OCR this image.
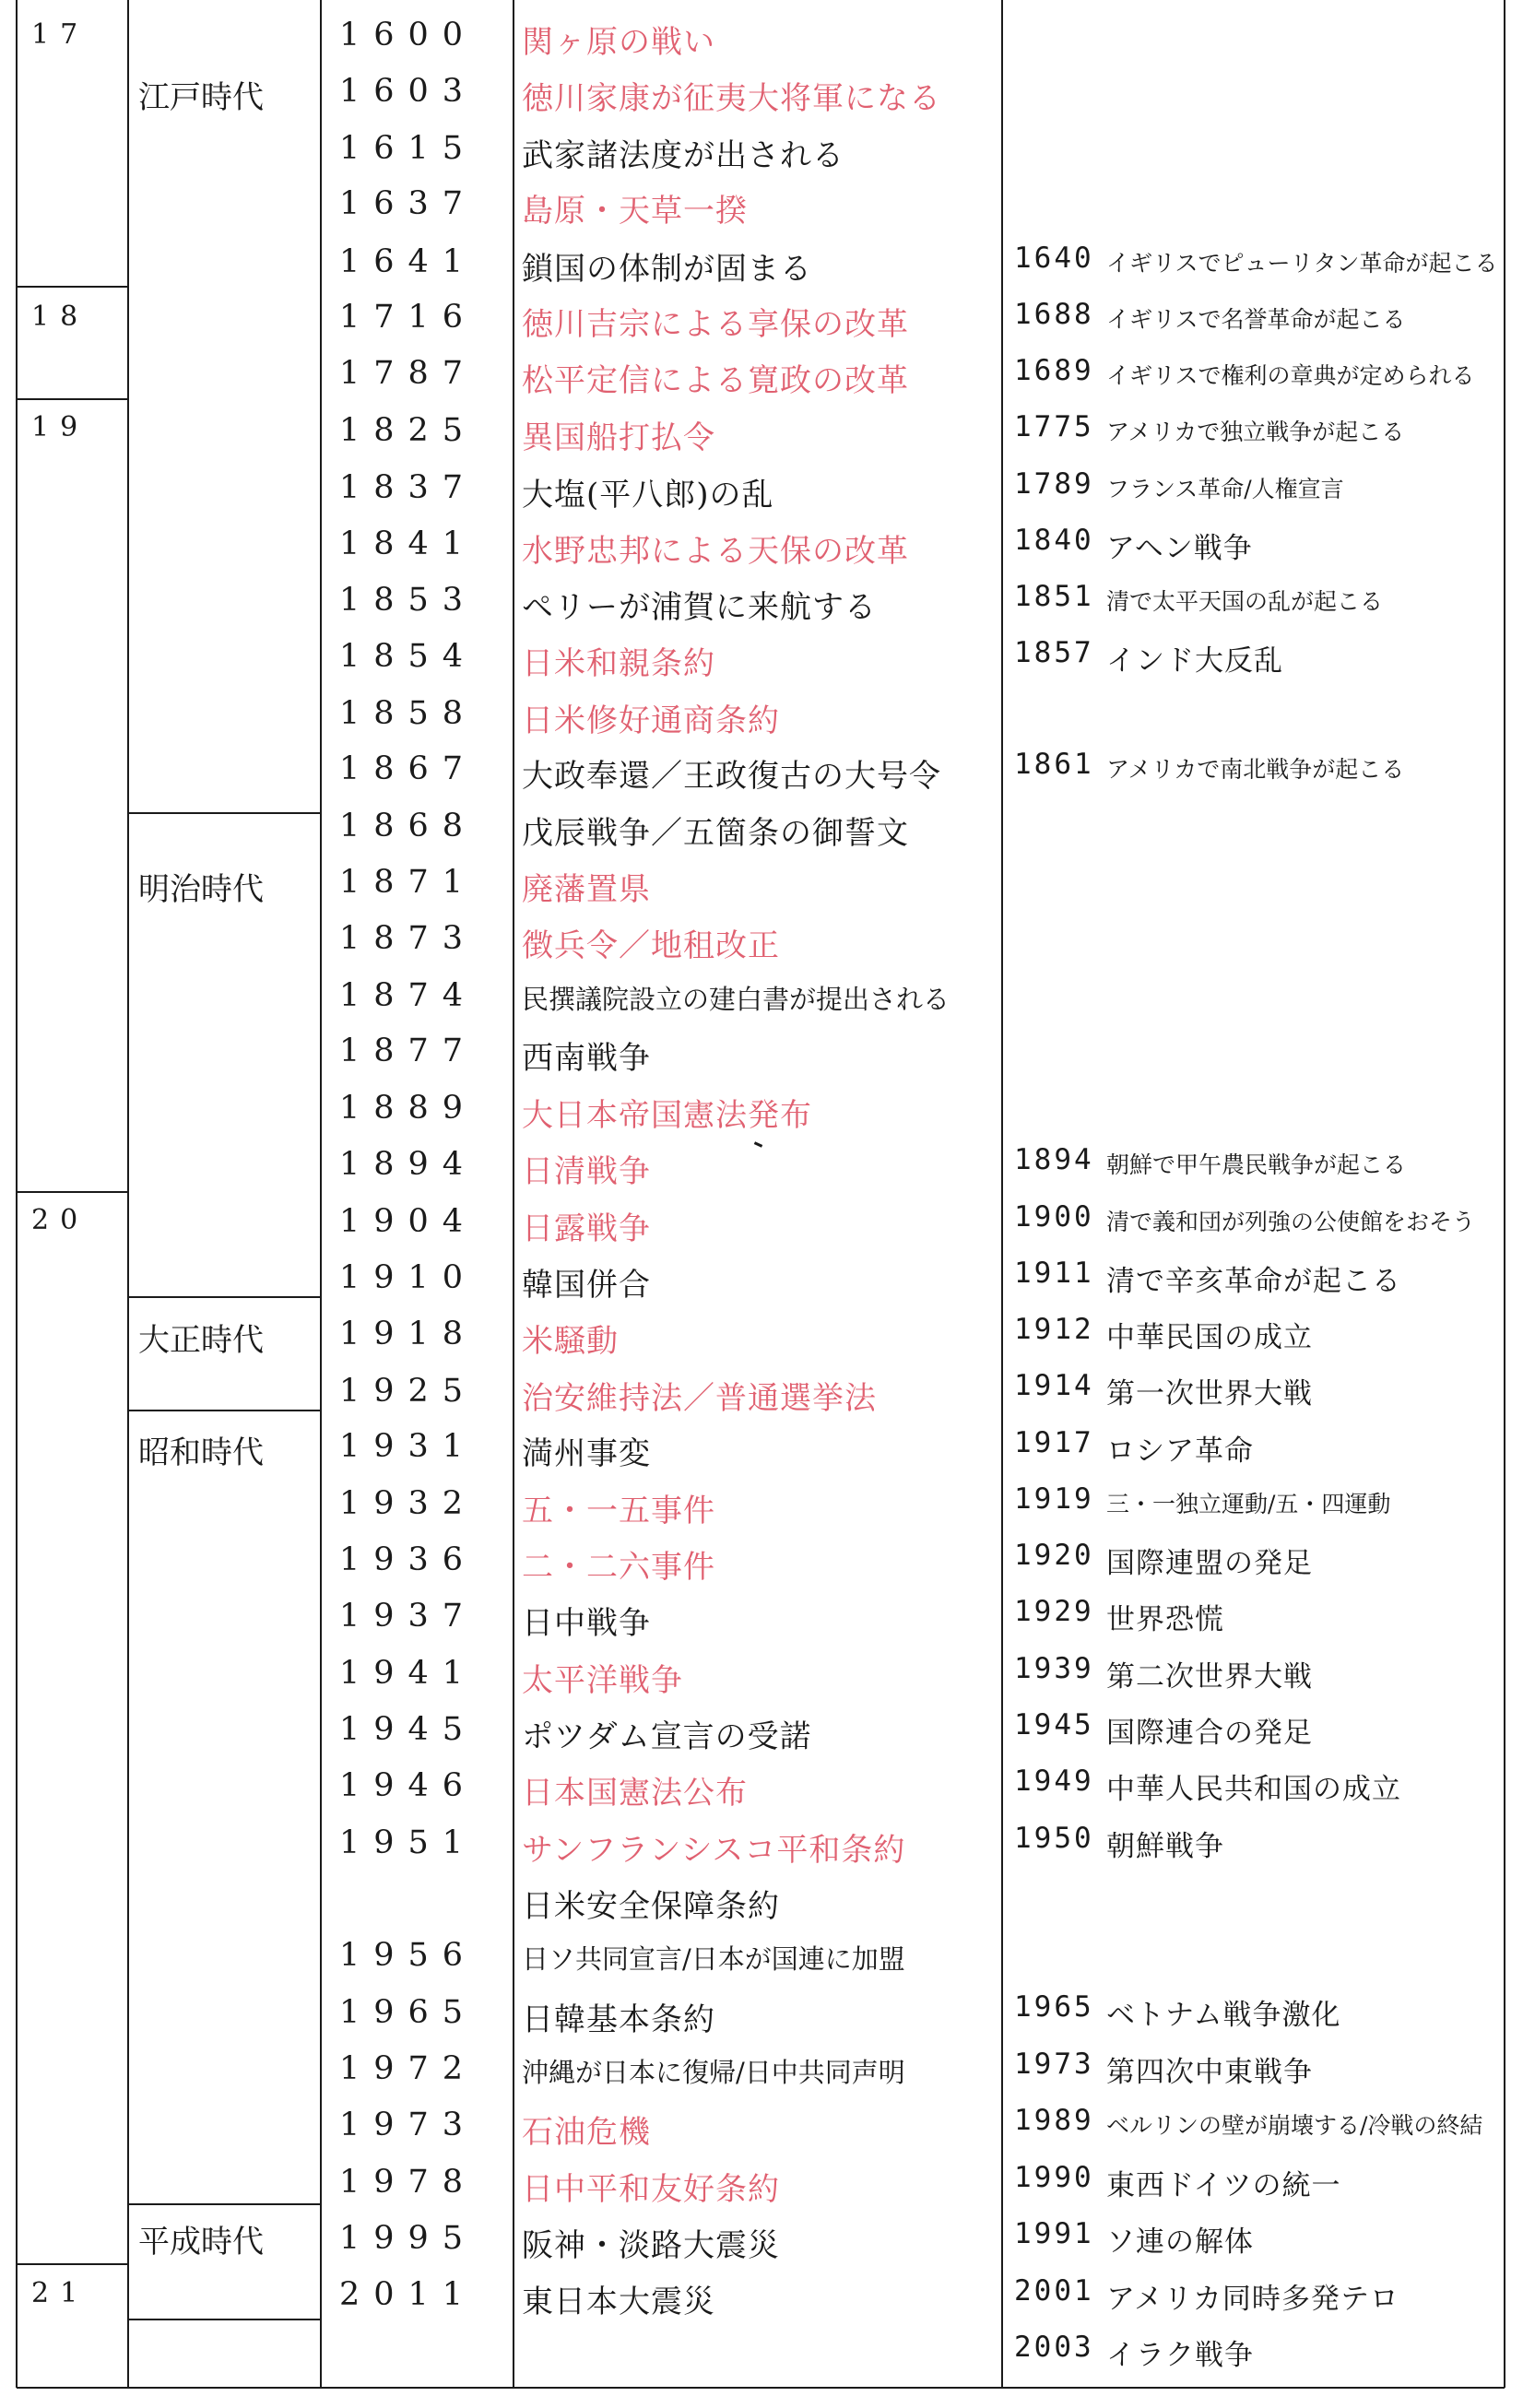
17
18
19
20
21
江戸時代
明治時代
大正時代
昭和時代
平成時代
1600 関ヶ原の戦い
1603 徳川家康が征夷大将軍になる
1615 武家諸法度が出される
1637 島原・天草一揆
1641 鎖国の体制が固まる
1716 徳川吉宗による享保の改革
1787 松平定信による寛政の改革
1825 異国船打払令
1837 大塩(平八郎)の乱
1841 水野忠邦による天保の改革
1853 ペリーが浦賀に来航する
1854 日米和親条約
1858 日米修好通商条約
1867 大政奉還／王政復古の大号令
1868 戊辰戦争／五箇条の御誓文
1871 廃藩置県
1873 徴兵令／地租改正
1874 民撰議院設立の建白書が提出される
1877 西南戦争
1889 大日本帝国憲法発布
1894 日清戦争
1904 日露戦争
1910 韓国併合
1918 米騒動
1925 治安維持法／普通選挙法
1931 満州事変
1932 五・一五事件
1936 二・二六事件
1937 日中戦争
1941 太平洋戦争
1945 ポツダム宣言の受諾
1946 日本国憲法公布
1951 サンフランシスコ平和条約
日米安全保障条約
1956 日ソ共同宣言/日本が国連に加盟
1965 日韓基本条約
1972 沖縄が日本に復帰/日中共同声明
1973 石油危機
1978 日中平和友好条約
1995 阪神・淡路大震災
2011 東日本大震災
1640 イギリスでピューリタン革命が起こる
1688 イギリスで名誉革命が起こる
1689 イギリスで権利の章典が定められる
1775 アメリカで独立戦争が起こる
1789 フランス革命/人権宣言
1840 アヘン戦争
1851 清で太平天国の乱が起こる
1857 インド大反乱
1861 アメリカで南北戦争が起こる
1894 朝鮮で甲午農民戦争が起こる
1900 清で義和団が列強の公使館をおそう
1911 清で辛亥革命が起こる
1912 中華民国の成立
1914 第一次世界大戦
1917 ロシア革命
1919 三・一独立運動/五・四運動
1920 国際連盟の発足
1929 世界恐慌
1939 第二次世界大戦
1945 国際連合の発足
1949 中華人民共和国の成立
1950 朝鮮戦争
1965 ベトナム戦争激化
1973 第四次中東戦争
1989 ベルリンの壁が崩壊する/冷戦の終結
1990 東西ドイツの統一
1991 ソ連の解体
2001 アメリカ同時多発テロ
2003 イラク戦争
